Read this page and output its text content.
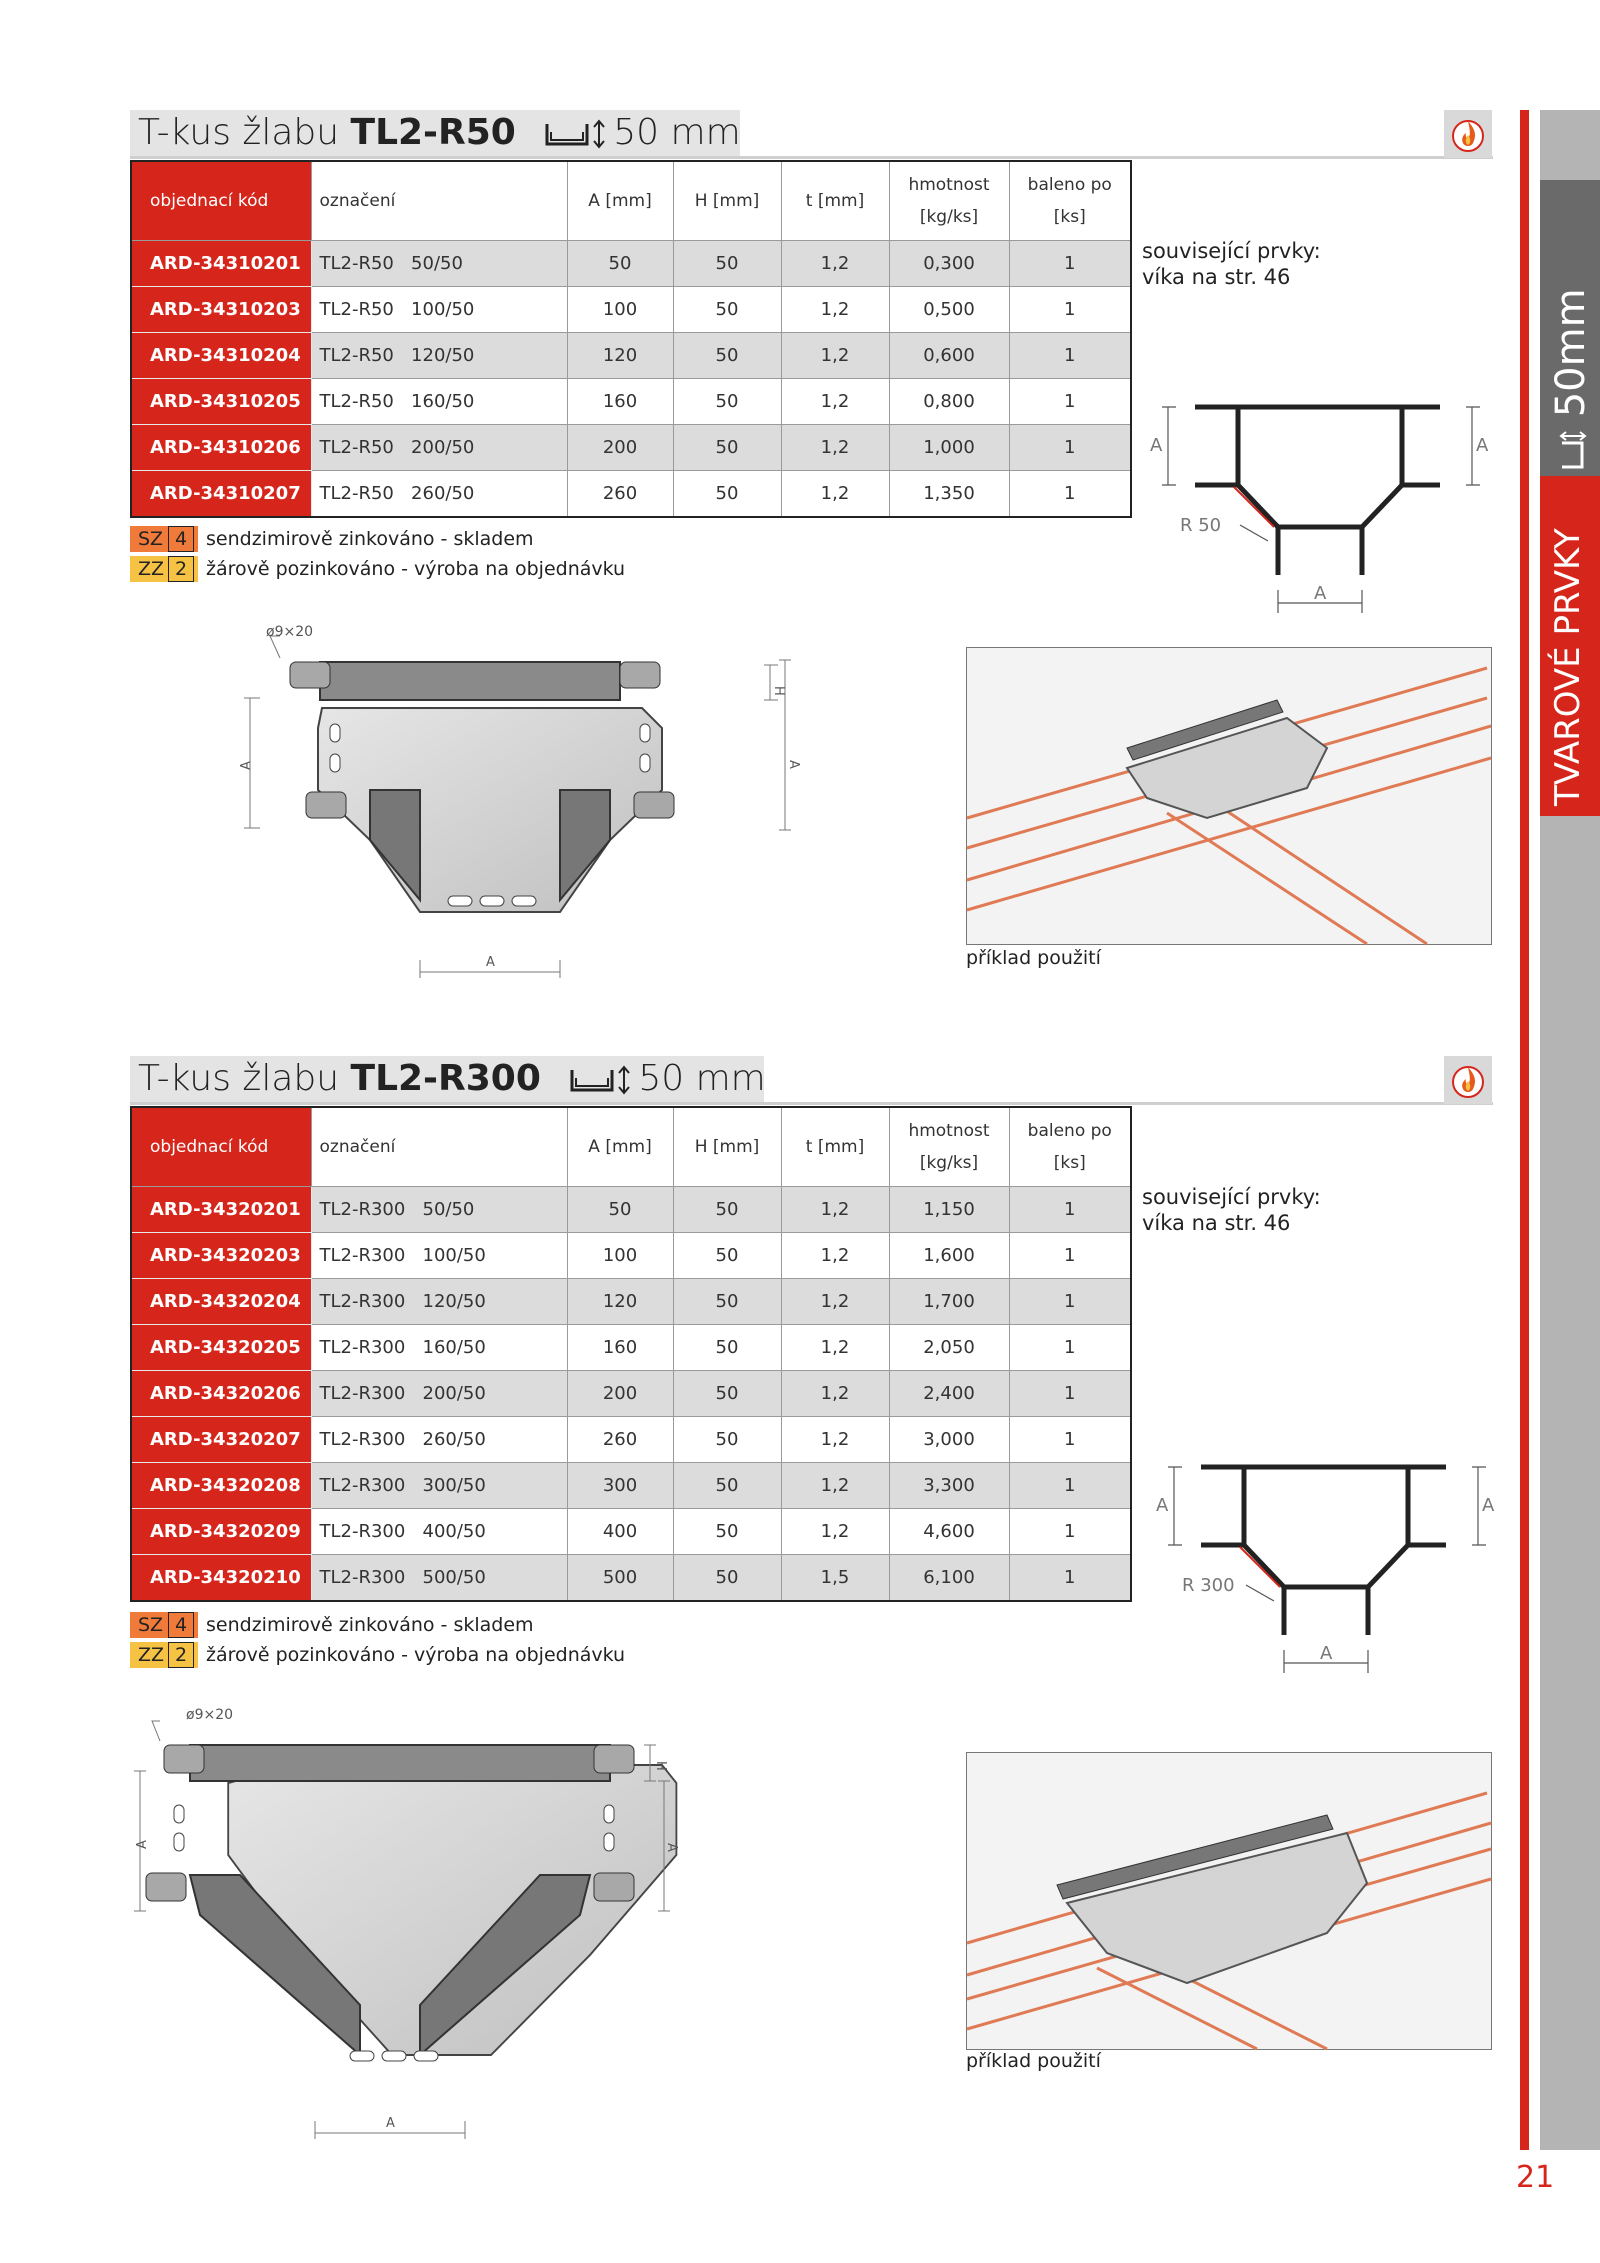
50mm
TVAROVÉ PRVKY
21
T-kus žlabu TL2-R50	50 mm
objednací kód	označení	A [mm]	H [mm]	t [mm]	hmotnost [kg/ks]	baleno po [ks]
ARD-34310201	TL2-R50   50/50	50	50	1,2	0,300	1
ARD-34310203	TL2-R50   100/50	100	50	1,2	0,500	1
ARD-34310204	TL2-R50   120/50	120	50	1,2	0,600	1
ARD-34310205	TL2-R50   160/50	160	50	1,2	0,800	1
ARD-34310206	TL2-R50   200/50	200	50	1,2	1,000	1
ARD-34310207	TL2-R50   260/50	260	50	1,2	1,350	1
související prvky:
víka na str. 46
SZ 4 sendzimirově zinkováno - skladem
ZZ 2 žárově pozinkováno - výroba na objednávku
A	A
R 50
A
ø9×20
A
H
A
A	příklad použití
T-kus žlabu TL2-R300	50 mm
objednací kód	označení	A [mm]	H [mm]	t [mm]	hmotnost [kg/ks]	baleno po [ks]
ARD-34320201	TL2-R300   50/50	50	50	1,2	1,150	1
ARD-34320203	TL2-R300   100/50	100	50	1,2	1,600	1
ARD-34320204	TL2-R300   120/50	120	50	1,2	1,700	1
ARD-34320205	TL2-R300   160/50	160	50	1,2	2,050	1
ARD-34320206	TL2-R300   200/50	200	50	1,2	2,400	1
ARD-34320207	TL2-R300   260/50	260	50	1,2	3,000	1
ARD-34320208	TL2-R300   300/50	300	50	1,2	3,300	1
ARD-34320209	TL2-R300   400/50	400	50	1,2	4,600	1
ARD-34320210	TL2-R300   500/50	500	50	1,5	6,100	1
související prvky:
víka na str. 46
SZ 4 sendzimirově zinkováno - skladem
ZZ 2 žárově pozinkováno - výroba na objednávku
A	A
R 300
A
ø9×20
A
H
A
A
příklad použití
